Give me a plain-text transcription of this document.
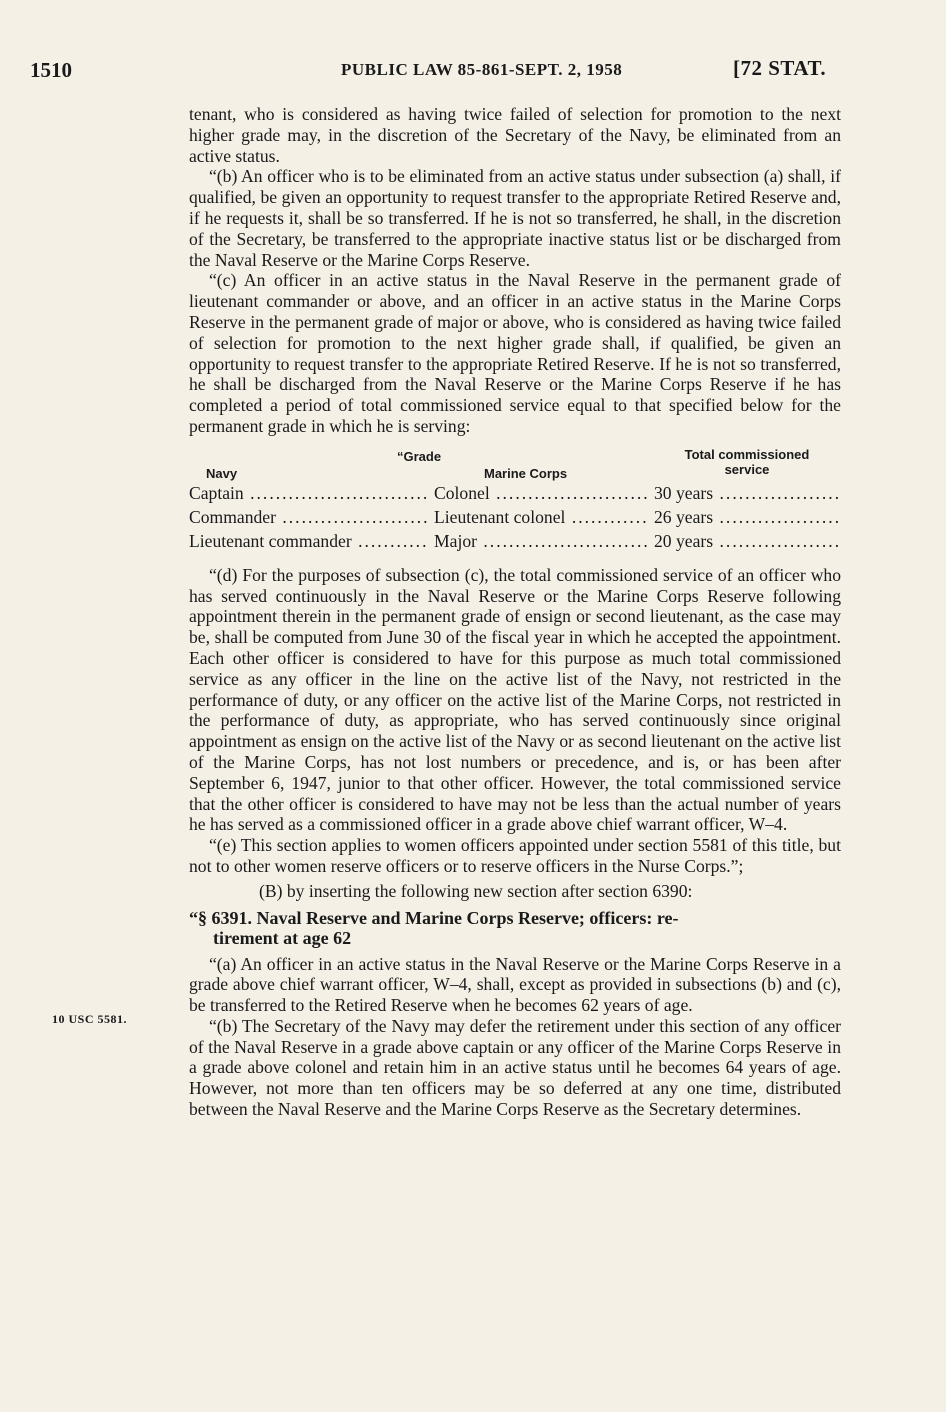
1510	PUBLIC LAW 85-861-SEPT. 2, 1958	[72 STAT.
10 USC 5581.

tenant, who is considered as having twice failed of selection for promotion to the next higher grade may, in the discretion of the Secretary of the Navy, be eliminated from an active status.

“(b) An officer who is to be eliminated from an active status under subsection (a) shall, if qualified, be given an opportunity to request transfer to the appropriate Retired Reserve and, if he requests it, shall be so transferred. If he is not so transferred, he shall, in the discretion of the Secretary, be transferred to the appropriate inactive status list or be discharged from the Naval Reserve or the Marine Corps Reserve.

“(c) An officer in an active status in the Naval Reserve in the permanent grade of lieutenant commander or above, and an officer in an active status in the Marine Corps Reserve in the permanent grade of major or above, who is considered as having twice failed of selection for promotion to the next higher grade shall, if qualified, be given an opportunity to request transfer to the appropriate Retired Reserve. If he is not so transferred, he shall be discharged from the Naval Reserve or the Marine Corps Reserve if he has completed a period of total commissioned service equal to that specified below for the permanent grade in which he is serving:

“Grade	Total commissioned
service
Navy	Marine Corps
Captain .....	Colonel .....	30 years .....
Commander .....	Lieutenant colonel .....	26 years .....
Lieutenant commander .....	Major .....	20 years .....

“(d) For the purposes of subsection (c), the total commissioned service of an officer who has served continuously in the Naval Reserve or the Marine Corps Reserve following appointment therein in the permanent grade of ensign or second lieutenant, as the case may be, shall be computed from June 30 of the fiscal year in which he accepted the appointment. Each other officer is considered to have for this purpose as much total commissioned service as any officer in the line on the active list of the Navy, not restricted in the performance of duty, or any officer on the active list of the Marine Corps, not restricted in the performance of duty, as appropriate, who has served continuously since original appointment as ensign on the active list of the Navy or as second lieutenant on the active list of the Marine Corps, has not lost numbers or precedence, and is, or has been after September 6, 1947, junior to that other officer. However, the total commissioned service that the other officer is considered to have may not be less than the actual number of years he has served as a commissioned officer in a grade above chief warrant officer, W–4.

“(e) This section applies to women officers appointed under section 5581 of this title, but not to other women reserve officers or to reserve officers in the Nurse Corps.”;

(B) by inserting the following new section after section 6390:

“§ 6391. Naval Reserve and Marine Corps Reserve; officers: re-
tirement at age 62

“(a) An officer in an active status in the Naval Reserve or the Marine Corps Reserve in a grade above chief warrant officer, W–4, shall, except as provided in subsections (b) and (c), be transferred to the Retired Reserve when he becomes 62 years of age.

“(b) The Secretary of the Navy may defer the retirement under this section of any officer of the Naval Reserve in a grade above captain or any officer of the Marine Corps Reserve in a grade above colonel and retain him in an active status until he becomes 64 years of age. However, not more than ten officers may be so deferred at any one time, distributed between the Naval Reserve and the Marine Corps Reserve as the Secretary determines.
